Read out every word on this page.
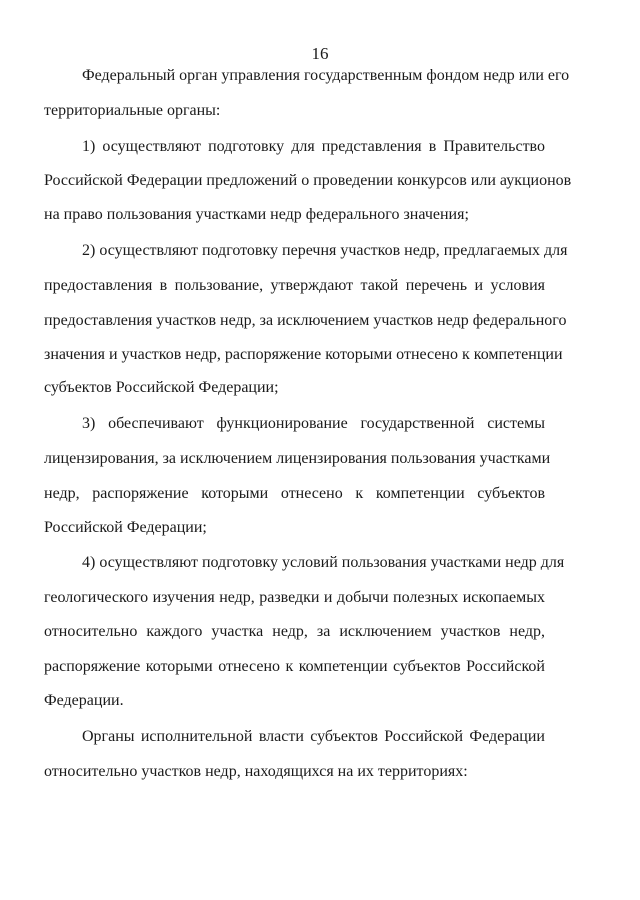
16

Федеральный орган управления государственным фондом недр или его

территориальные органы:

1) осуществляют подготовку для представления в Правительство

Российской Федерации предложений о проведении конкурсов или аукционов

на право пользования участками недр федерального значения;

2) осуществляют подготовку перечня участков недр, предлагаемых для

предоставления в пользование, утверждают такой перечень и условия

предоставления участков недр, за исключением участков недр федерального

значения и участков недр, распоряжение которыми отнесено к компетенции

субъектов Российской Федерации;

3) обеспечивают функционирование государственной системы

лицензирования, за исключением лицензирования пользования участками

недр, распоряжение которыми отнесено к компетенции субъектов

Российской Федерации;

4) осуществляют подготовку условий пользования участками недр для

геологического изучения недр, разведки и добычи полезных ископаемых

относительно каждого участка недр, за исключением участков недр,

распоряжение которыми отнесено к компетенции субъектов Российской

Федерации.

Органы исполнительной власти субъектов Российской Федерации

относительно участков недр, находящихся на их территориях:
